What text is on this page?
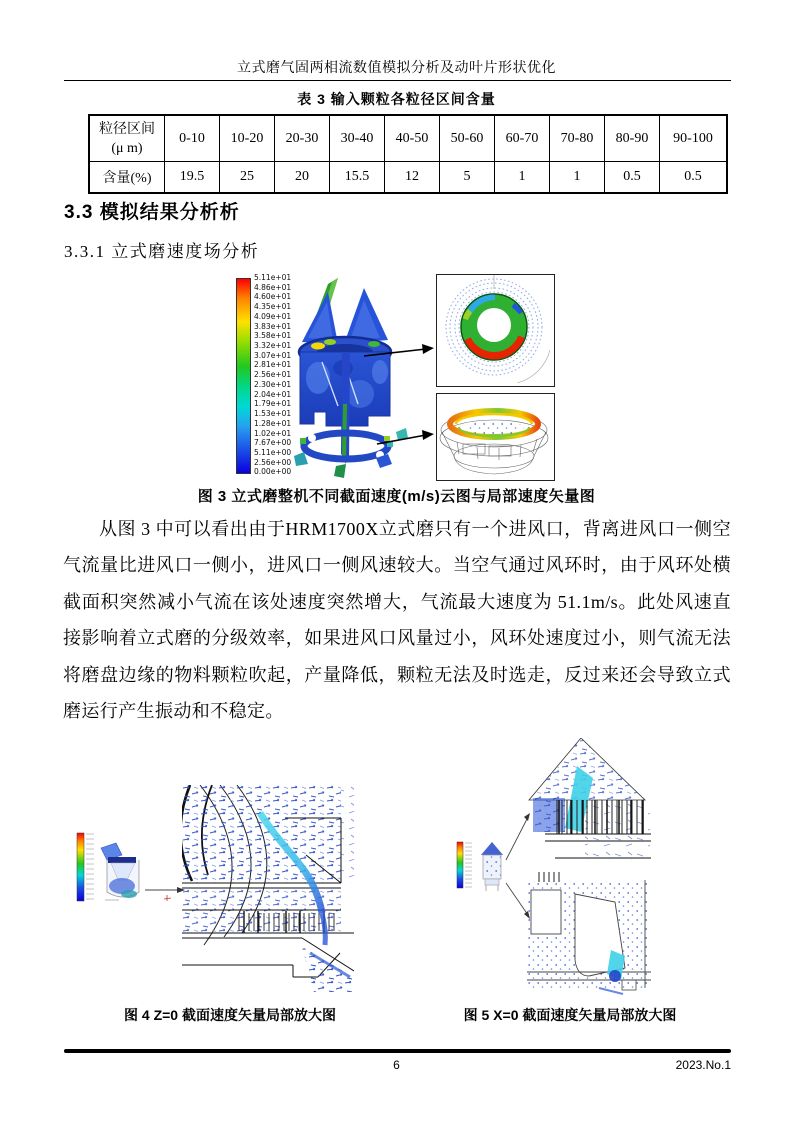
立式磨气固两相流数值模拟分析及动叶片形状优化
表 3 输入颗粒各粒径区间含量
粒径区间
(μ m)	0-10	10-20	20-30	30-40	40-50	50-60	60-70	70-80	80-90	90-100
含量(%)	19.5	25	20	15.5	12	5	1	1	0.5	0.5
3.3 模拟结果分析析
3.3.1 立式磨速度场分析
5.11e+01
4.86e+01
4.60e+01
4.35e+01
4.09e+01
3.83e+01
3.58e+01
3.32e+01
3.07e+01
2.81e+01
2.56e+01
2.30e+01
2.04e+01
1.79e+01
1.53e+01
1.28e+01
1.02e+01
7.67e+00
5.11e+00
2.56e+00
0.00e+00
图 3 立式磨整机不同截面速度(m/s)云图与局部速度矢量图
从图 3 中可以看出由于HRM1700X立式磨只有一个进风口，背离进风口一侧空气流量比进风口一侧小，进风口一侧风速较大。当空气通过风环时，由于风环处横截面积突然减小气流在该处速度突然增大，气流最大速度为 51.1m/s。此处风速直接影响着立式磨的分级效率，如果进风口风量过小，风环处速度过小，则气流无法将磨盘边缘的物料颗粒吹起，产量降低，颗粒无法及时选走，反过来还会导致立式磨运行产生振动和不稳定。
图 4 Z=0 截面速度矢量局部放大图	图 5 X=0 截面速度矢量局部放大图
6	2023.No.1
